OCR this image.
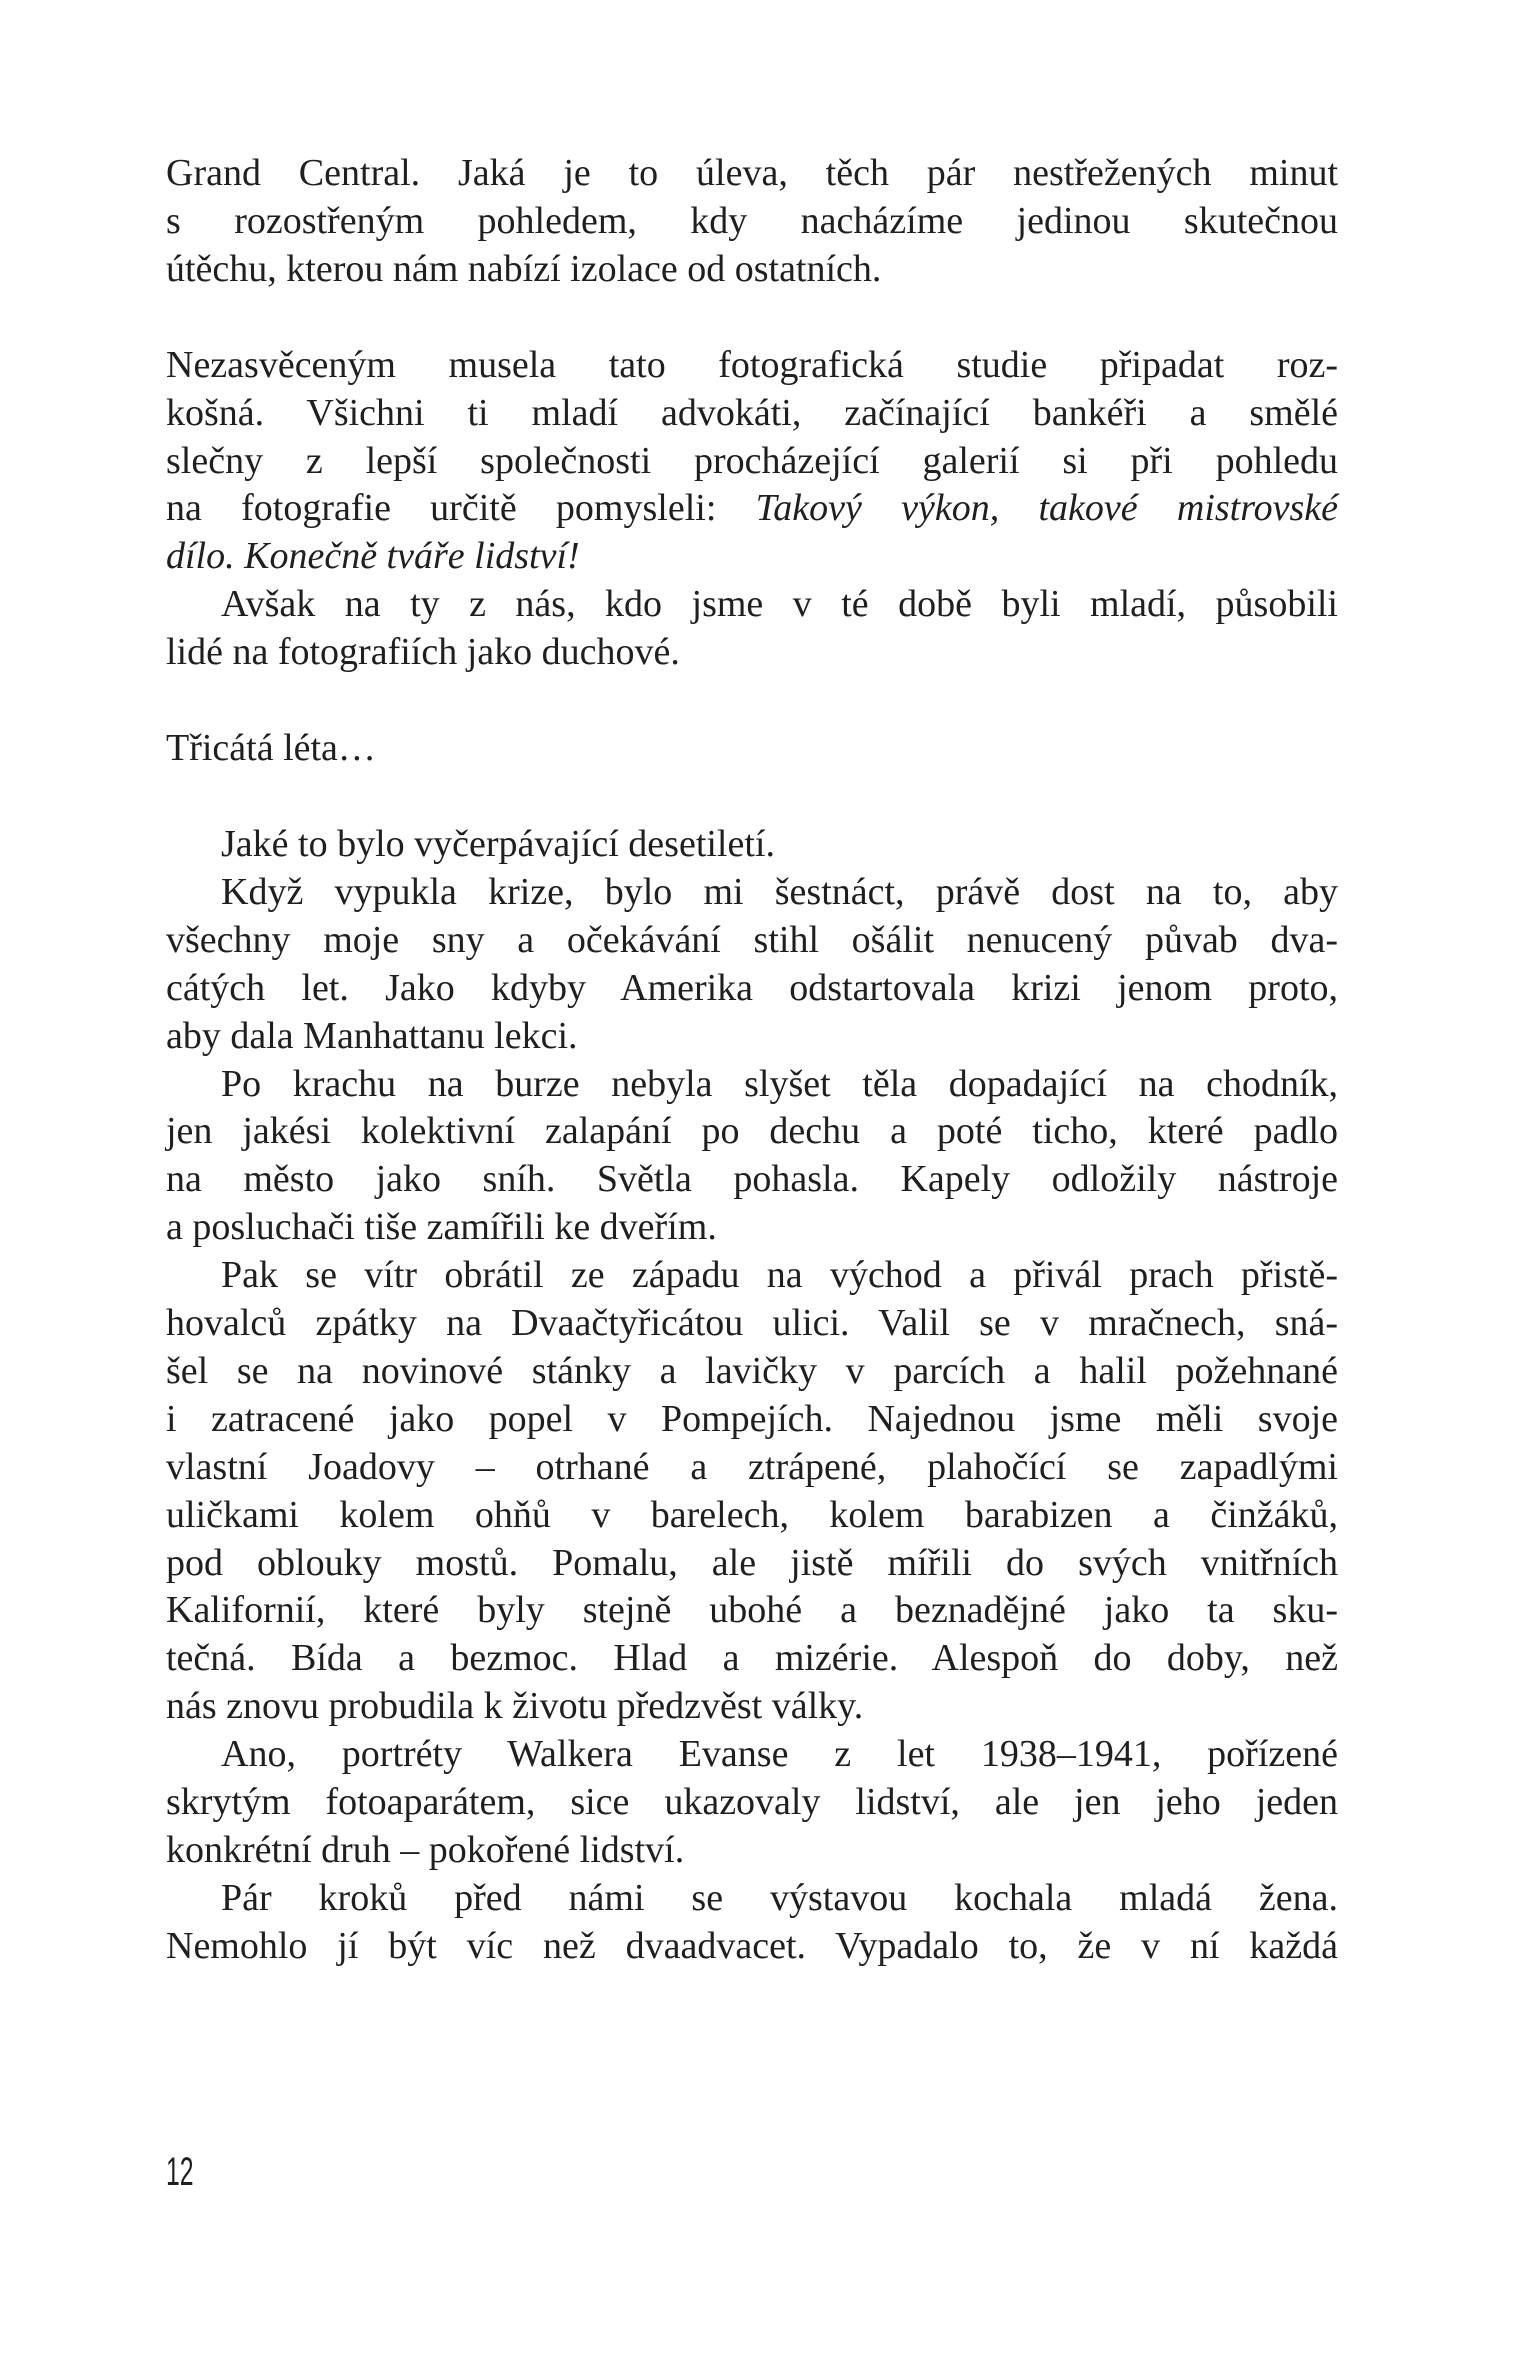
Grand Central. Jaká je to úleva, těch pár nestřežených minut
s rozostřeným pohledem, kdy nacházíme jedinou skutečnou
útěchu, kterou nám nabízí izolace od ostatních.
Nezasvěceným musela tato fotografická studie připadat roz-
košná. Všichni ti mladí advokáti, začínající bankéři a smělé
slečny z lepší společnosti procházející galerií si při pohledu
na fotografie určitě pomysleli: Takový výkon, takové mistrovské
dílo. Konečně tváře lidství!
Avšak na ty z nás, kdo jsme v té době byli mladí, působili
lidé na fotografiích jako duchové.
Třicátá léta…
Jaké to bylo vyčerpávající desetiletí.
Když vypukla krize, bylo mi šestnáct, právě dost na to, aby
všechny moje sny a očekávání stihl ošálit nenucený půvab dva-
cátých let. Jako kdyby Amerika odstartovala krizi jenom proto,
aby dala Manhattanu lekci.
Po krachu na burze nebyla slyšet těla dopadající na chodník,
jen jakési kolektivní zalapání po dechu a poté ticho, které padlo
na město jako sníh. Světla pohasla. Kapely odložily nástroje
a posluchači tiše zamířili ke dveřím.
Pak se vítr obrátil ze západu na východ a přivál prach přistě-
hovalců zpátky na Dvaačtyřicátou ulici. Valil se v mračnech, sná-
šel se na novinové stánky a lavičky v parcích a halil požehnané
i zatracené jako popel v Pompejích. Najednou jsme měli svoje
vlastní Joadovy – otrhané a ztrápené, plahočící se zapadlými
uličkami kolem ohňů v barelech, kolem barabizen a činžáků,
pod oblouky mostů. Pomalu, ale jistě mířili do svých vnitřních
Kalifornií, které byly stejně ubohé a beznadějné jako ta sku-
tečná. Bída a bezmoc. Hlad a mizérie. Alespoň do doby, než
nás znovu probudila k životu předzvěst války.
Ano, portréty Walkera Evanse z let 1938–1941, pořízené
skrytým fotoaparátem, sice ukazovaly lidství, ale jen jeho jeden
konkrétní druh – pokořené lidství.
Pár kroků před námi se výstavou kochala mladá žena.
Nemohlo jí být víc než dvaadvacet. Vypadalo to, že v ní každá
12
